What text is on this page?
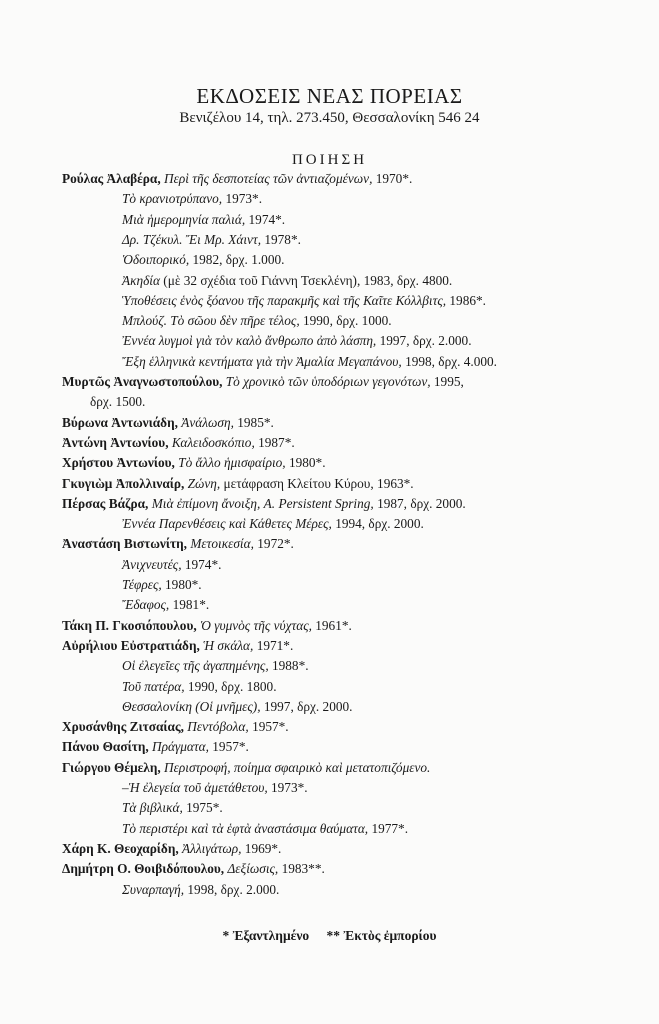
ΕΚΔΟΣΕΙΣ ΝΕΑΣ ΠΟΡΕΙΑΣ
Βενιζέλου 14, τηλ. 273.450, Θεσσαλονίκη 546 24
ΠΟΙΗΣΗ
Ρούλας Ἀλαβέρα, Περὶ τῆς δεσποτείας τῶν ἀντιαζομένων, 1970*.
Τὸ κρανιοτρύπανο, 1973*.
Μιὰ ἡμερομηνία παλιά, 1974*.
Δρ. Τζέκυλ. Ἔι Μρ. Χάιντ, 1978*.
Ὁδοιπορικό, 1982, δρχ. 1.000.
Ἀκηδία (μὲ 32 σχέδια τοῦ Γιάννη Τσεκλένη), 1983, δρχ. 4800.
Ὑποθέσεις ἑνὸς ξόανου τῆς παρακμῆς καὶ τῆς Καῖτε Κόλλβιτς, 1986*.
Μπλούζ. Τὸ σῶου δὲν πῆρε τέλος, 1990, δρχ. 1000.
Ἐννέα λυγμοὶ γιὰ τὸν καλὸ ἄνθρωπο ἀπὸ λάσπη, 1997, δρχ. 2.000.
Ἔξη ἑλληνικὰ κεντήματα γιὰ τὴν Ἀμαλία Μεγαπάνου, 1998, δρχ. 4.000.
Μυρτῶς Ἀναγνωστοπούλου, Τὸ χρονικὸ τῶν ὑποδόριων γεγονότων, 1995,
δρχ. 1500.
Βύρωνα Ἀντωνιάδη, Ἀνάλωση, 1985*.
Ἀντώνη Ἀντωνίου, Καλειδοσκόπιο, 1987*.
Χρήστου Ἀντωνίου, Τὸ ἄλλο ἡμισφαίριο, 1980*.
Γκυγιὼμ Ἀπολλιναίρ, Ζώνη, μετάφραση Κλείτου Κύρου, 1963*.
Πέρσας Βάζρα, Μιὰ ἐπίμονη ἄνοιξη, A. Persistent Spring, 1987, δρχ. 2000.
Ἐννέα Παρενθέσεις καὶ Κάθετες Μέρες, 1994, δρχ. 2000.
Ἀναστάση Βιστωνίτη, Μετοικεσία, 1972*.
Ἀνιχνευτές, 1974*.
Τέφρες, 1980*.
Ἔδαφος, 1981*.
Τάκη Π. Γκοσιόπουλου, Ὁ γυμνὸς τῆς νύχτας, 1961*.
Αὐρήλιου Εὐστρατιάδη, Ἡ σκάλα, 1971*.
Οἱ ἐλεγεῖες τῆς ἀγαπημένης, 1988*.
Τοῦ πατέρα, 1990, δρχ. 1800.
Θεσσαλονίκη (Οἱ μνῆμες), 1997, δρχ. 2000.
Χρυσάνθης Ζιτσαίας, Πεντόβολα, 1957*.
Πάνου Θασίτη, Πράγματα, 1957*.
Γιώργου Θέμελη, Περιστροφή, ποίημα σφαιρικὸ καὶ μετατοπιζόμενο.
–Ἡ ἐλεγεία τοῦ ἀμετάθετου, 1973*.
Τὰ βιβλικά, 1975*.
Τὸ περιστέρι καὶ τὰ ἑφτὰ ἀναστάσιμα θαύματα, 1977*.
Χάρη Κ. Θεοχαρίδη, Ἀλλιγάτωρ, 1969*.
Δημήτρη Ο. Θοιβιδόπουλου, Δεξίωσις, 1983**.
Συναρπαγή, 1998, δρχ. 2.000.
* Ἐξαντλημένο ** Ἐκτὸς ἐμπορίου
